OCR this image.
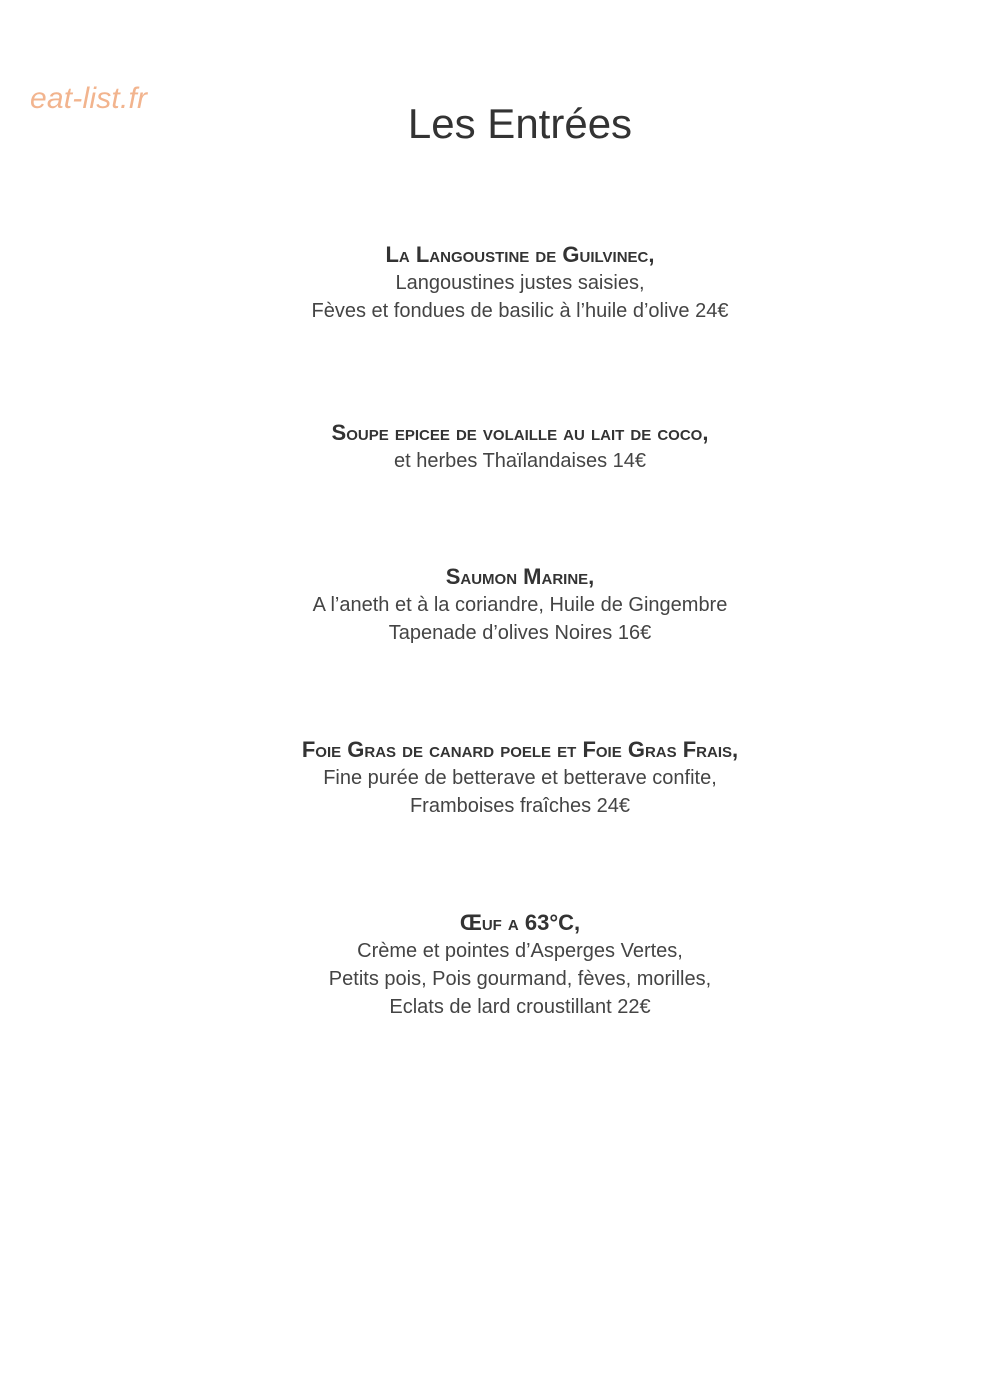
eat-list.fr
Les Entrées
La Langoustine de Guilvinec,
Langoustines justes saisies,
Fèves et fondues de basilic à l’huile d’olive 24€
Soupe epicee de volaille au lait de coco,
et herbes Thaïlandaises 14€
Saumon Marine,
A l’aneth et à la coriandre, Huile de Gingembre
Tapenade d’olives Noires 16€
Foie Gras de canard poele et Foie Gras Frais,
Fine purée de betterave et betterave confite,
Framboises fraîches 24€
Œuf a 63°C,
Crème et pointes d’Asperges Vertes,
Petits pois, Pois gourmand, fèves, morilles,
Eclats de lard croustillant 22€
